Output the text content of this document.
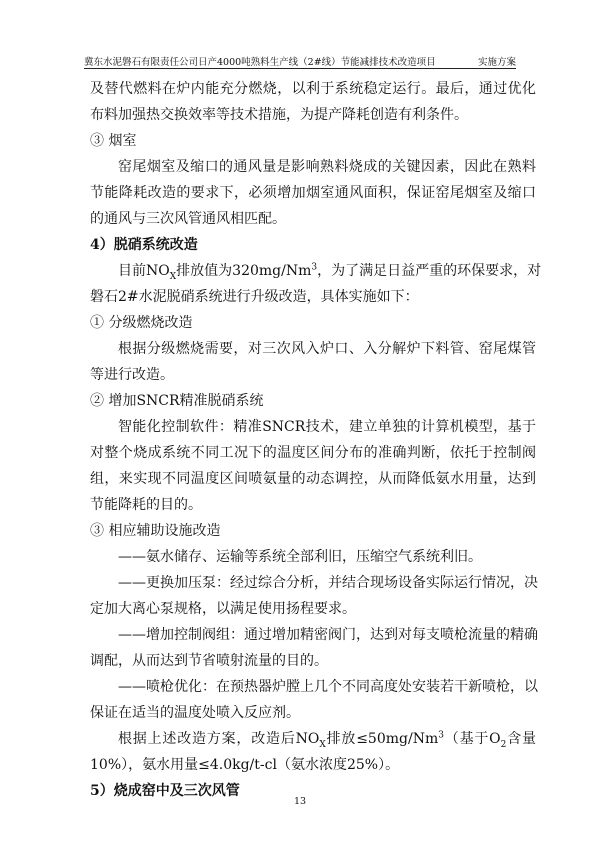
冀东水泥磐石有限责任公司日产4000吨熟料生产线（2#线）节能减排技术改造项目	实施方案
及替代燃料在炉内能充分燃烧，以利于系统稳定运行。最后，通过优化
布料加强热交换效率等技术措施，为提产降耗创造有利条件。
③ 烟室
窑尾烟室及缩口的通风量是影响熟料烧成的关键因素，因此在熟料
节能降耗改造的要求下，必须增加烟室通风面积，保证窑尾烟室及缩口
的通风与三次风管通风相匹配。
4）脱硝系统改造
目前$NO_X$排放值为320mg/Nm$^3$，为了满足日益严重的环保要求，对
磐石2#水泥脱硝系统进行升级改造，具体实施如下：
① 分级燃烧改造
根据分级燃烧需要，对三次风入炉口、入分解炉下料管、窑尾煤管
等进行改造。
② 增加SNCR精准脱硝系统
智能化控制软件：精准SNCR技术，建立单独的计算机模型，基于
对整个烧成系统不同工况下的温度区间分布的准确判断，依托于控制阀
组，来实现不同温度区间喷氨量的动态调控，从而降低氨水用量，达到
节能降耗的目的。
③ 相应辅助设施改造
——氨水储存、运输等系统全部利旧，压缩空气系统利旧。
——更换加压泵：经过综合分析，并结合现场设备实际运行情况，决
定加大离心泵规格，以满足使用扬程要求。
——增加控制阀组：通过增加精密阀门，达到对每支喷枪流量的精确
调配，从而达到节省喷射流量的目的。
——喷枪优化：在预热器炉膛上几个不同高度处安装若干新喷枪，以
保证在适当的温度处喷入反应剂。
根据上述改造方案，改造后$NO_X$排放$\le 50mg/Nm^3$（基于$O_2$含量
10%），氨水用量≤4.0kg/t-cl（氨水浓度25%）。
5）烧成窑中及三次风管
13
